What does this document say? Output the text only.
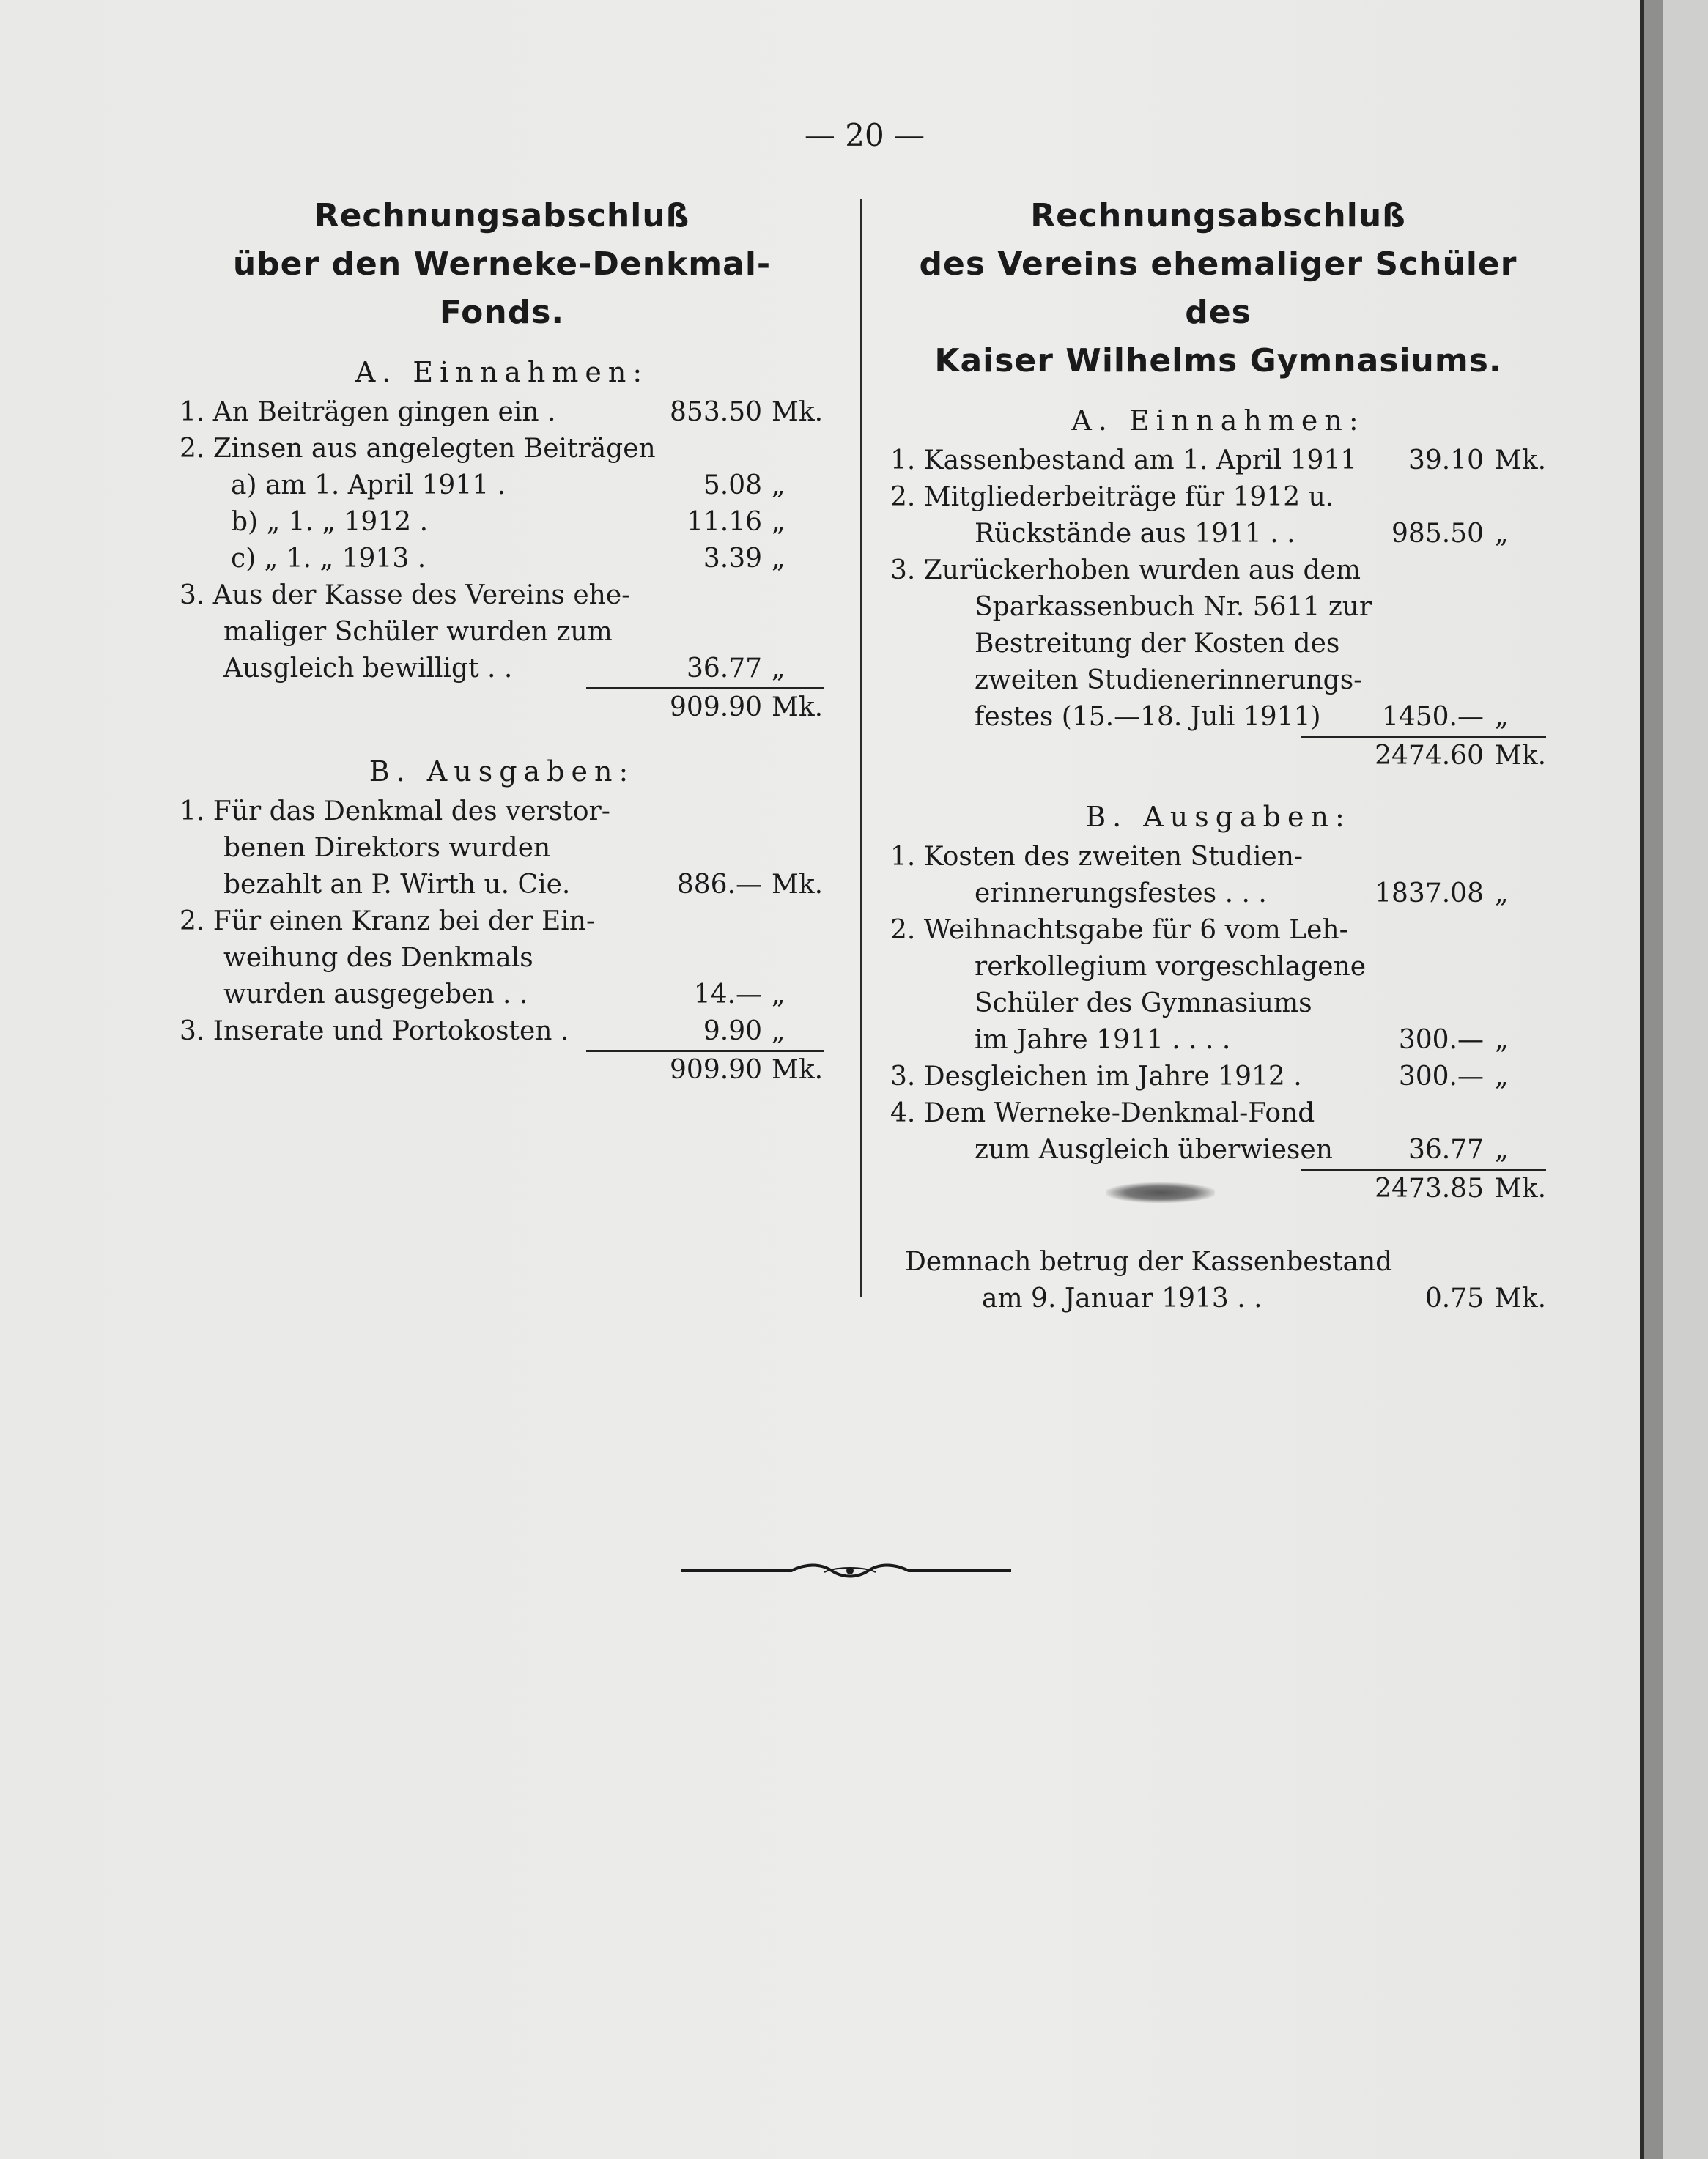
— 20 —
Rechnungsabschluß
über den Werneke-Denkmal-Fonds.
A. Einnahmen:
1. An Beiträgen gingen ein .	853.50 Mk.
2. Zinsen aus angelegten Beiträgen
a) am 1. April 1911 .	5.08 „
b) „ 1. „ 1912 .	11.16 „
c) „ 1. „ 1913 .	3.39 „
3. Aus der Kasse des Vereins ehe-
maliger Schüler wurden zum
Ausgleich bewilligt . .	36.77 „
909.90 Mk.
B. Ausgaben:
1. Für das Denkmal des verstor-
benen Direktors wurden
bezahlt an P. Wirth u. Cie.	886.— Mk.
2. Für einen Kranz bei der Ein-
weihung des Denkmals
wurden ausgegeben . .	14.— „
3. Inserate und Portokosten .	9.90 „
909.90 Mk.
Rechnungsabschluß
des Vereins ehemaliger Schüler des
Kaiser Wilhelms Gymnasiums.
A. Einnahmen:
1. Kassenbestand am 1. April 1911	39.10 Mk.
2. Mitgliederbeiträge für 1912 u.
Rückstände aus 1911 . .	985.50 „
3. Zurückerhoben wurden aus dem
Sparkassenbuch Nr. 5611 zur
Bestreitung der Kosten des
zweiten Studienerinnerungs-
festes (15.—18. Juli 1911)	1450.— „
2474.60 Mk.
B. Ausgaben:
1. Kosten des zweiten Studien-
erinnerungsfestes . . .	1837.08 „
2. Weihnachtsgabe für 6 vom Leh-
rerkollegium vorgeschlagene
Schüler des Gymnasiums
im Jahre 1911 . . . .	300.— „
3. Desgleichen im Jahre 1912 .	300.— „
4. Dem Werneke-Denkmal-Fond
zum Ausgleich überwiesen	36.77 „
2473.85 Mk.
Demnach betrug der Kassenbestand
am 9. Januar 1913 . .	0.75 Mk.
